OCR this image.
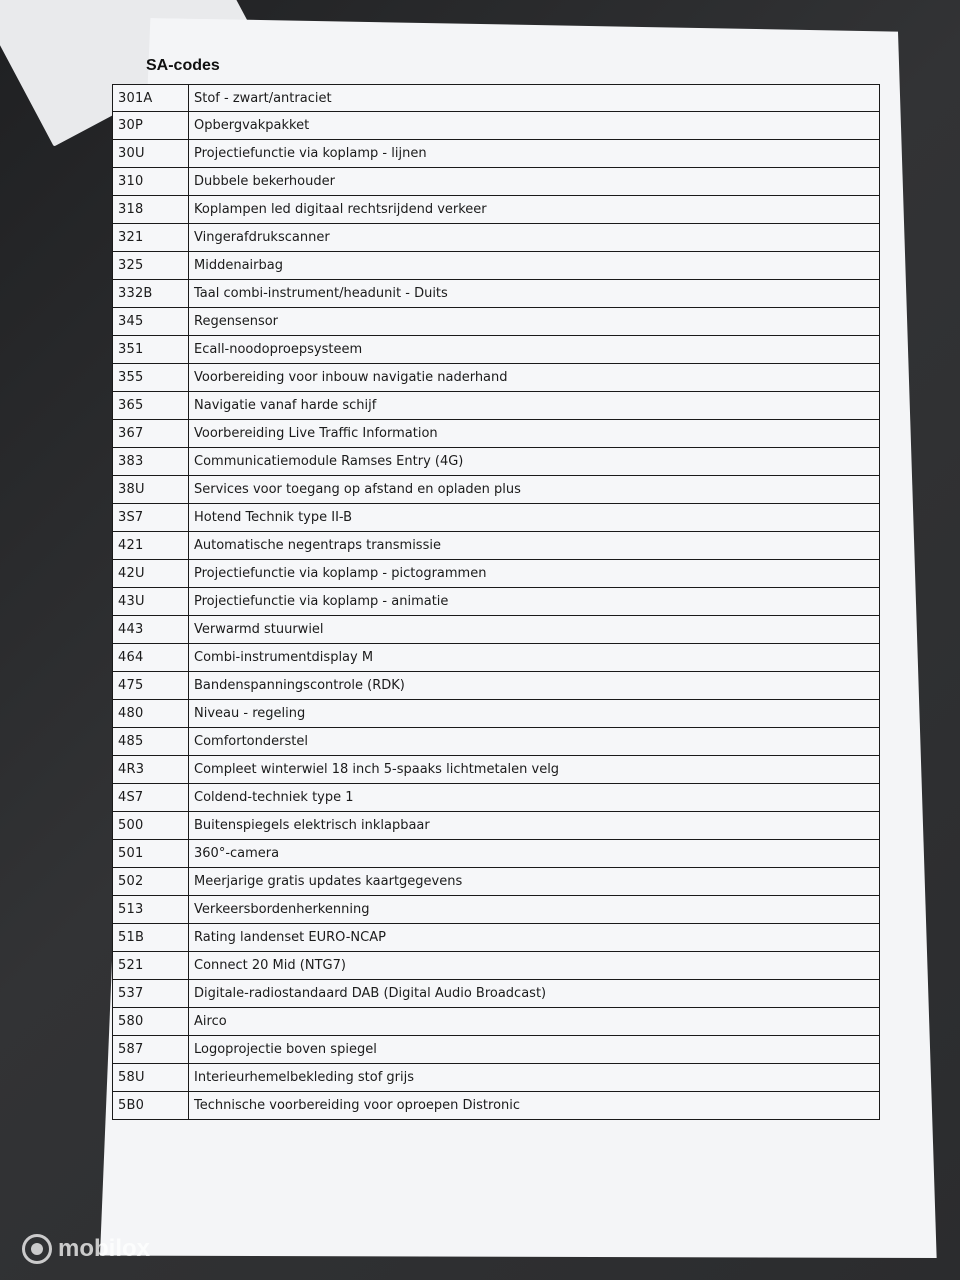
SA-codes
301A	Stof - zwart/antraciet
30P	Opbergvakpakket
30U	Projectiefunctie via koplamp - lijnen
310	Dubbele bekerhouder
318	Koplampen led digitaal rechtsrijdend verkeer
321	Vingerafdrukscanner
325	Middenairbag
332B	Taal combi-instrument/headunit - Duits
345	Regensensor
351	Ecall-noodoproepsysteem
355	Voorbereiding voor inbouw navigatie naderhand
365	Navigatie vanaf harde schijf
367	Voorbereiding Live Traffic Information
383	Communicatiemodule Ramses Entry (4G)
38U	Services voor toegang op afstand en opladen plus
3S7	Hotend Technik type II-B
421	Automatische negentraps transmissie
42U	Projectiefunctie via koplamp - pictogrammen
43U	Projectiefunctie via koplamp - animatie
443	Verwarmd stuurwiel
464	Combi-instrumentdisplay M
475	Bandenspanningscontrole (RDK)
480	Niveau - regeling
485	Comfortonderstel
4R3	Compleet winterwiel 18 inch 5-spaaks lichtmetalen velg
4S7	Coldend-techniek type 1
500	Buitenspiegels elektrisch inklapbaar
501	360°-camera
502	Meerjarige gratis updates kaartgegevens
513	Verkeersbordenherkenning
51B	Rating landenset EURO-NCAP
521	Connect 20 Mid (NTG7)
537	Digitale-radiostandaard DAB (Digital Audio Broadcast)
580	Airco
587	Logoprojectie boven spiegel
58U	Interieurhemelbekleding stof grijs
5B0	Technische voorbereiding voor oproepen Distronic
mobilox
